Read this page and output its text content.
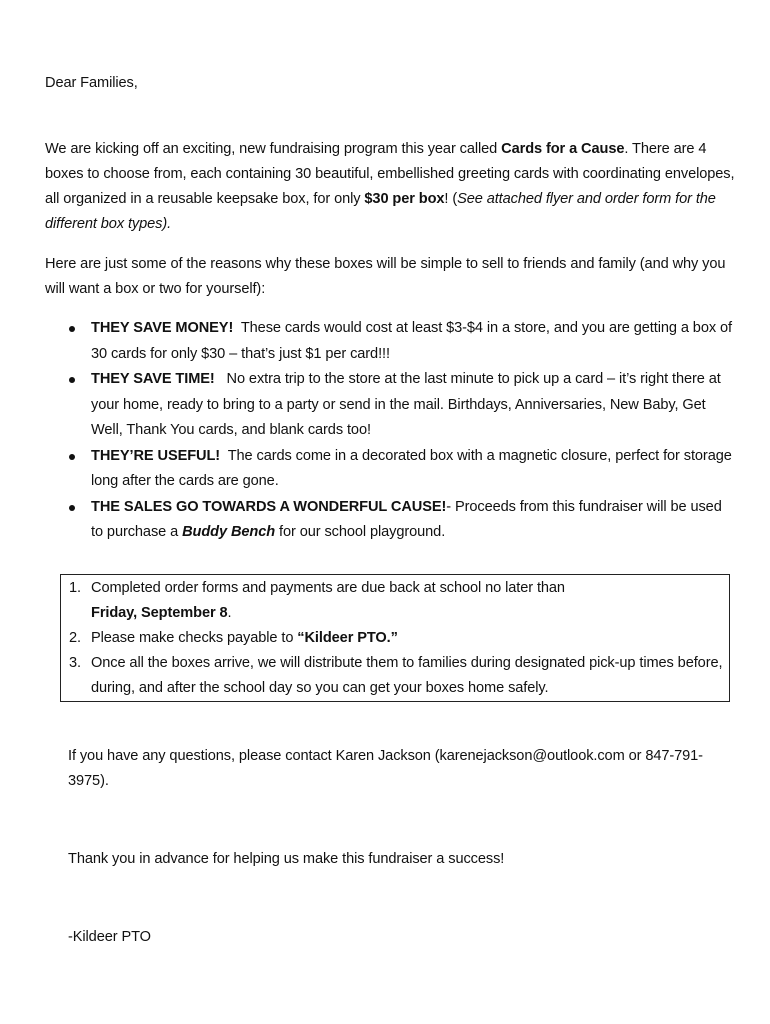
Dear Families,

We are kicking off an exciting, new fundraising program this year called Cards for a Cause. There are 4 boxes to choose from, each containing 30 beautiful, embellished greeting cards with coordinating envelopes, all organized in a reusable keepsake box, for only $30 per box! (See attached flyer and order form for the different box types).

Here are just some of the reasons why these boxes will be simple to sell to friends and family (and why you will want a box or two for yourself):

THEY SAVE MONEY!  These cards would cost at least $3-$4 in a store, and you are getting a box of 30 cards for only $30 – that’s just $1 per card!!!
THEY SAVE TIME!   No extra trip to the store at the last minute to pick up a card – it’s right there at your home, ready to bring to a party or send in the mail. Birthdays, Anniversaries, New Baby, Get Well, Thank You cards, and blank cards too!
THEY’RE USEFUL!  The cards come in a decorated box with a magnetic closure, perfect for storage long after the cards are gone.
THE SALES GO TOWARDS A WONDERFUL CAUSE!- Proceeds from this fundraiser will be used to purchase a Buddy Bench for our school playground.
1. Completed order forms and payments are due back at school no later than
Friday, September 8.
2. Please make checks payable to “Kildeer PTO.”
3. Once all the boxes arrive, we will distribute them to families during designated pick-up times before, during, and after the school day so you can get your boxes home safely.

If you have any questions, please contact Karen Jackson (karenejackson@outlook.com or 847-791-3975).

Thank you in advance for helping us make this fundraiser a success!

-Kildeer PTO
